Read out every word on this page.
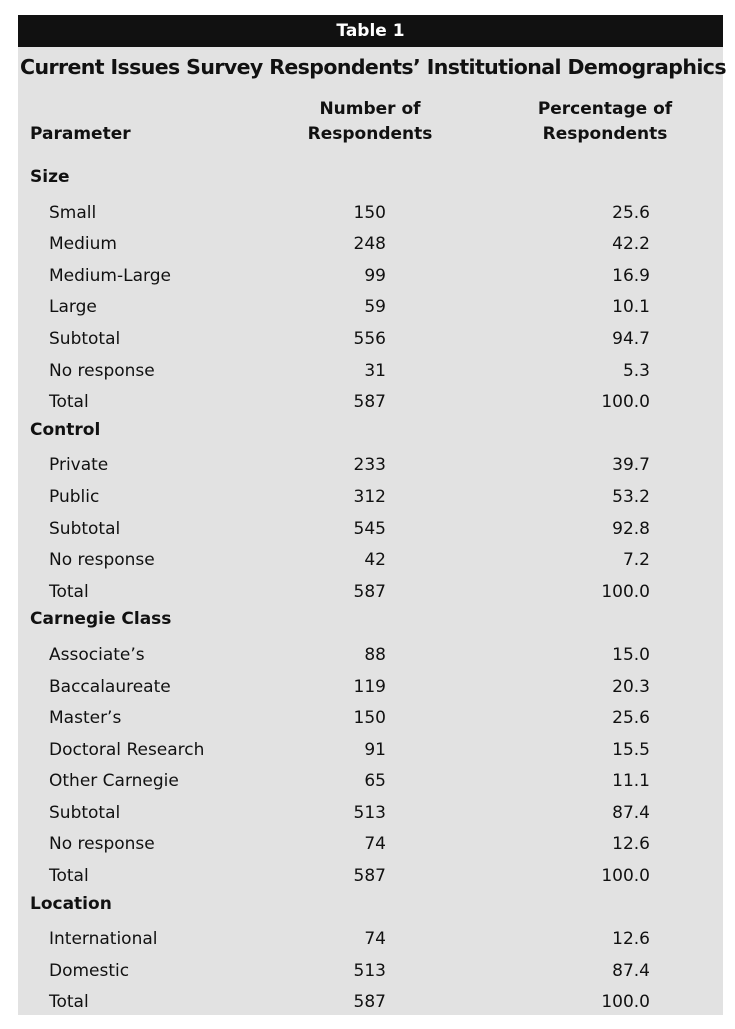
Table 1
Current Issues Survey Respondents’ Institutional Demographics
Parameter
Number of
Respondents
Percentage of
Respondents
Size
Small	150	25.6
Medium	248	42.2
Medium-Large	99	16.9
Large	59	10.1
Subtotal	556	94.7
No response	31	5.3
Total	587	100.0
Control
Private	233	39.7
Public	312	53.2
Subtotal	545	92.8
No response	42	7.2
Total	587	100.0
Carnegie Class
Associate’s	88	15.0
Baccalaureate	119	20.3
Master’s	150	25.6
Doctoral Research	91	15.5
Other Carnegie	65	11.1
Subtotal	513	87.4
No response	74	12.6
Total	587	100.0
Location
International	74	12.6
Domestic	513	87.4
Total	587	100.0
